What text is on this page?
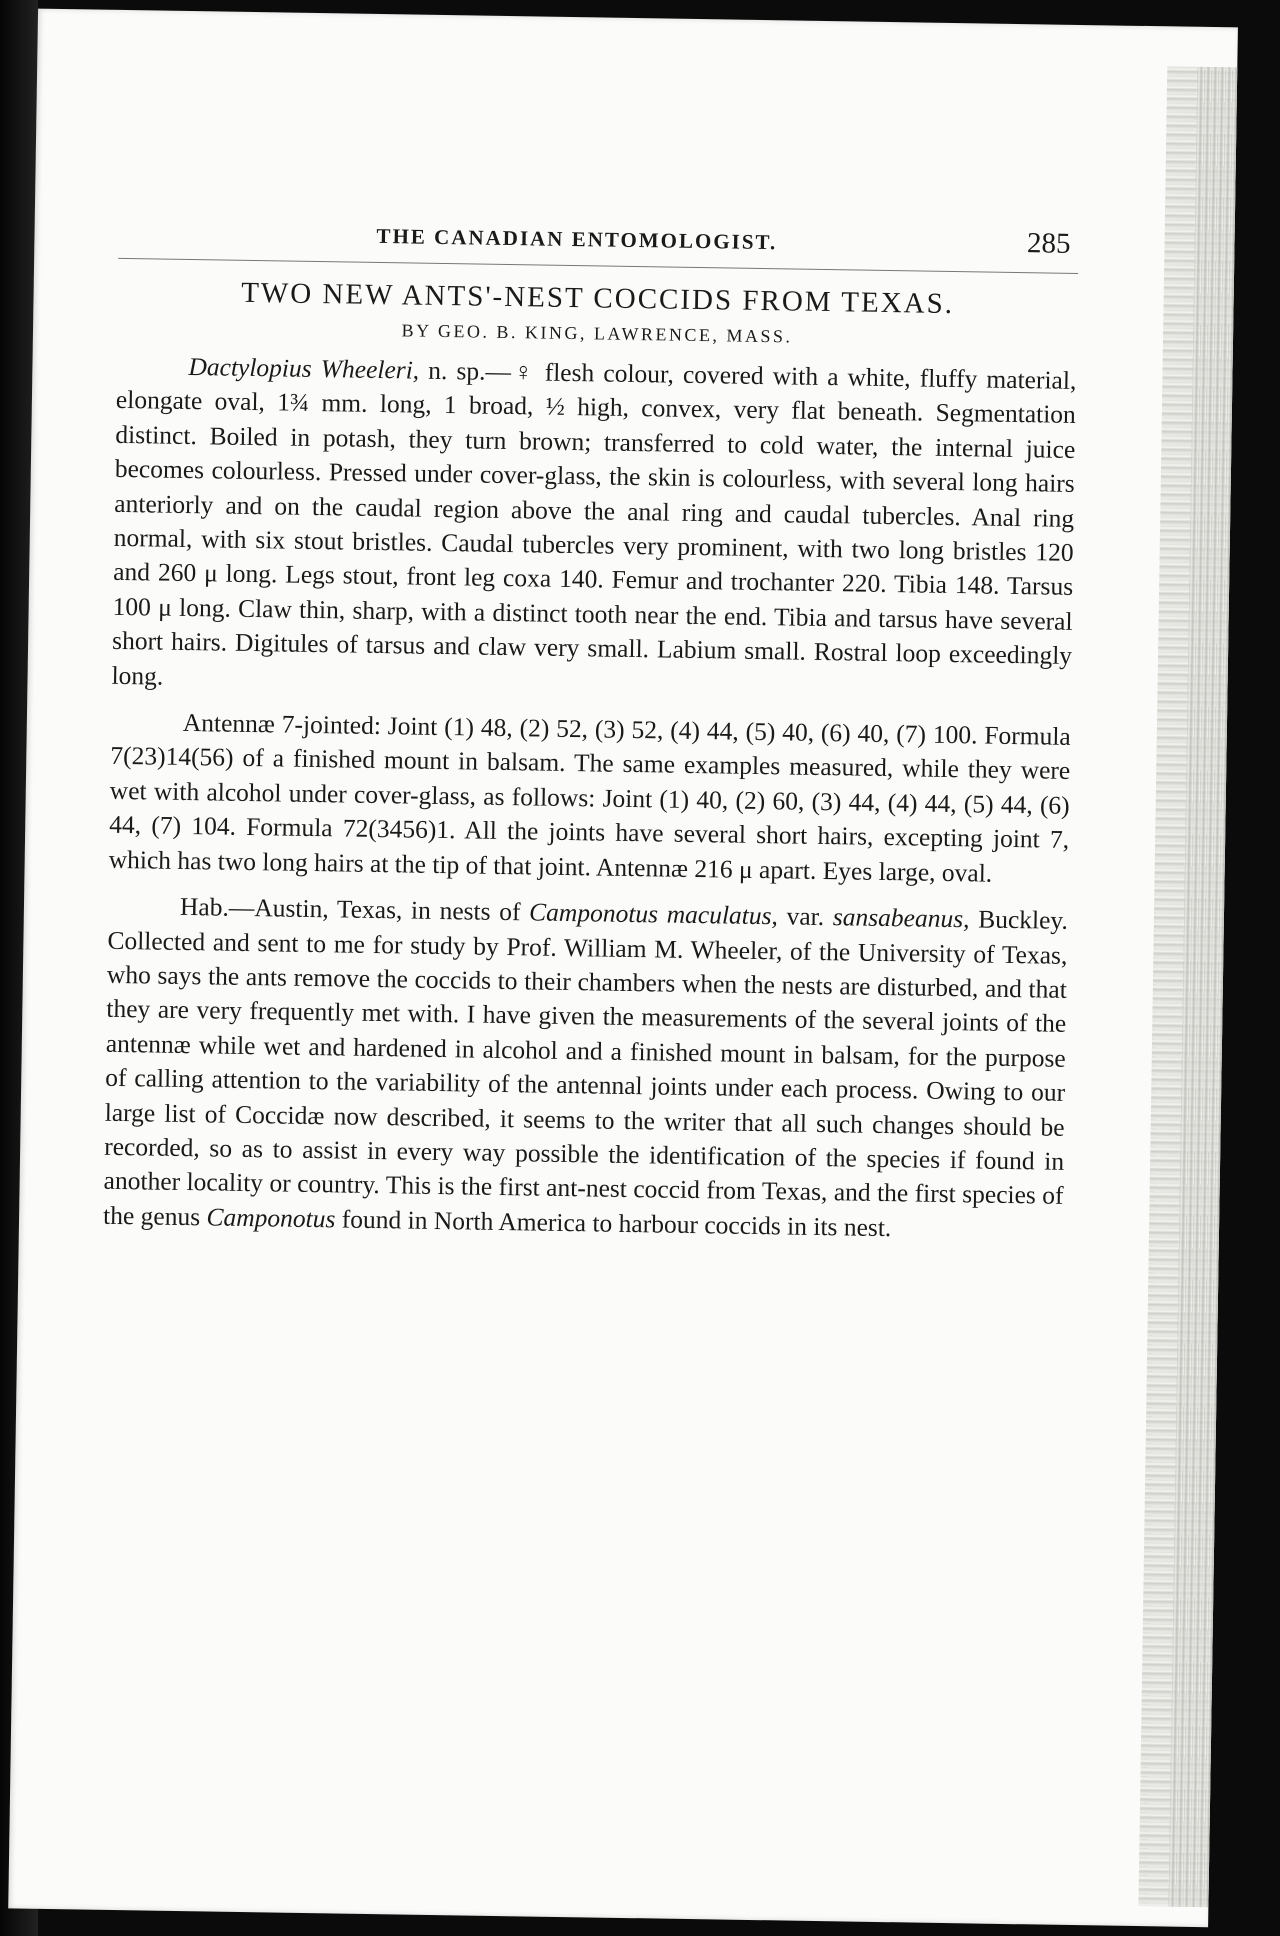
THE CANADIAN ENTOMOLOGIST.	285
TWO NEW ANTS'-NEST COCCIDS FROM TEXAS.
BY GEO. B. KING, LAWRENCE, MASS.

Dactylopius Wheeleri, n. sp.—♀ flesh colour, covered with a white, fluffy material, elongate oval, 1¾ mm. long, 1 broad, ½ high, convex, very flat beneath. Segmentation distinct. Boiled in potash, they turn brown; transferred to cold water, the internal juice becomes colourless. Pressed under cover-glass, the skin is colourless, with several long hairs anteriorly and on the caudal region above the anal ring and caudal tubercles. Anal ring normal, with six stout bristles. Caudal tubercles very prominent, with two long bristles 120 and 260 μ long. Legs stout, front leg coxa 140. Femur and trochanter 220. Tibia 148. Tarsus 100 μ long. Claw thin, sharp, with a distinct tooth near the end. Tibia and tarsus have several short hairs. Digitules of tarsus and claw very small. Labium small. Rostral loop exceedingly long.

Antennæ 7-jointed: Joint (1) 48, (2) 52, (3) 52, (4) 44, (5) 40, (6) 40, (7) 100. Formula 7(23)14(56) of a finished mount in balsam. The same examples measured, while they were wet with alcohol under cover-glass, as follows: Joint (1) 40, (2) 60, (3) 44, (4) 44, (5) 44, (6) 44, (7) 104. Formula 72(3456)1. All the joints have several short hairs, excepting joint 7, which has two long hairs at the tip of that joint. Antennæ 216 μ apart. Eyes large, oval.

Hab.—Austin, Texas, in nests of Camponotus maculatus, var. sansabeanus, Buckley. Collected and sent to me for study by Prof. William M. Wheeler, of the University of Texas, who says the ants remove the coccids to their chambers when the nests are disturbed, and that they are very frequently met with. I have given the measurements of the several joints of the antennæ while wet and hardened in alcohol and a finished mount in balsam, for the purpose of calling attention to the variability of the antennal joints under each process. Owing to our large list of Coccidæ now described, it seems to the writer that all such changes should be recorded, so as to assist in every way possible the identification of the species if found in another locality or country. This is the first ant-nest coccid from Texas, and the first species of the genus Camponotus found in North America to harbour coccids in its nest.
